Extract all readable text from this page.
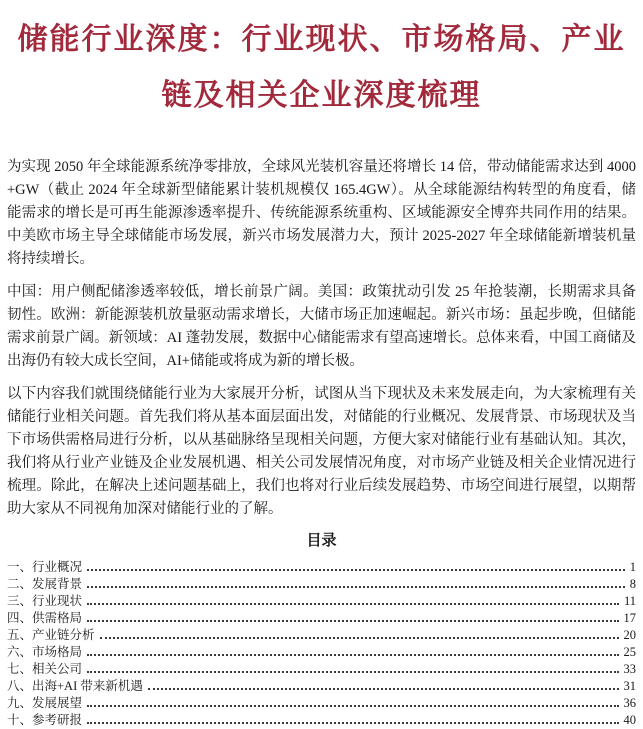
储能行业深度：行业现状、市场格局、产业
链及相关企业深度梳理

为实现 2050 年全球能源系统净零排放，全球风光装机容量还将增长 14 倍，带动储能需求达到 4000+GW（截止 2024 年全球新型储能累计装机规模仅 165.4GW）。从全球能源结构转型的角度看，储能需求的增长是可再生能源渗透率提升、传统能源系统重构、区域能源安全博弈共同作用的结果。中美欧市场主导全球储能市场发展，新兴市场发展潜力大，预计 2025-2027 年全球储能新增装机量将持续增长。

中国：用户侧配储渗透率较低，增长前景广阔。美国：政策扰动引发 25 年抢装潮，长期需求具备韧性。欧洲：新能源装机放量驱动需求增长，大储市场正加速崛起。新兴市场：虽起步晚，但储能需求前景广阔。新领域：AI 蓬勃发展，数据中心储能需求有望高速增长。总体来看，中国工商储及出海仍有较大成长空间，AI+储能或将成为新的增长极。

以下内容我们就围绕储能行业为大家展开分析，试图从当下现状及未来发展走向，为大家梳理有关储能行业相关问题。首先我们将从基本面层面出发，对储能的行业概况、发展背景、市场现状及当下市场供需格局进行分析，以从基础脉络呈现相关问题，方便大家对储能行业有基础认知。其次，我们将从行业产业链及企业发展机遇、相关公司发展情况角度，对市场产业链及相关企业情况进行梳理。除此，在解决上述问题基础上，我们也将对行业后续发展趋势、市场空间进行展望，以期帮助大家从不同视角加深对储能行业的了解。

目录
一、行业概况	1
二、发展背景	8
三、行业现状	11
四、供需格局	17
五、产业链分析	20
六、市场格局	25
七、相关公司	33
八、出海+AI 带来新机遇	31
九、发展展望	36
十、参考研报	40
